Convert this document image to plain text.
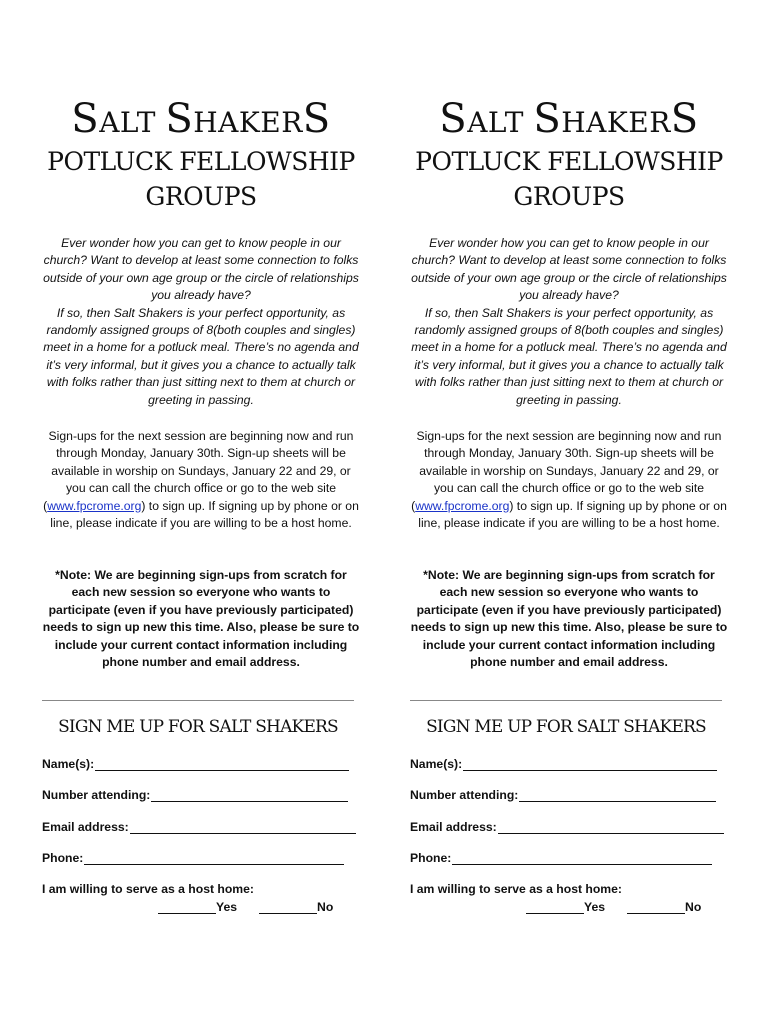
SALT SHAKERS
POTLUCK FELLOWSHIP
GROUPS

Ever wonder how you can get to know people in our church? Want to develop at least some connection to folks outside of your own age group or the circle of relationships you already have?
If so, then Salt Shakers is your perfect opportunity, as randomly assigned groups of 8(both couples and singles) meet in a home for a potluck meal. There’s no agenda and it’s very informal, but it gives you a chance to actually talk with folks rather than just sitting next to them at church or greeting in passing.

Sign-ups for the next session are beginning now and run through Monday, January 30th. Sign-up sheets will be available in worship on Sundays, January 22 and 29, or you can call the church office or go to the web site (www.fpcrome.org) to sign up. If signing up by phone or on line, please indicate if you are willing to be a host home.

*Note: We are beginning sign-ups from scratch for each new session so everyone who wants to participate (even if you have previously participated) needs to sign up new this time. Also, please be sure to include your current contact information including phone number and email address.

SIGN ME UP FOR SALT SHAKERS
Name(s):
Number attending:
Email address:
Phone:
I am willing to serve as a host home:
Yes	No
SALT SHAKERS
POTLUCK FELLOWSHIP
GROUPS

Ever wonder how you can get to know people in our church? Want to develop at least some connection to folks outside of your own age group or the circle of relationships you already have?
If so, then Salt Shakers is your perfect opportunity, as randomly assigned groups of 8(both couples and singles) meet in a home for a potluck meal. There’s no agenda and it’s very informal, but it gives you a chance to actually talk with folks rather than just sitting next to them at church or greeting in passing.

Sign-ups for the next session are beginning now and run through Monday, January 30th. Sign-up sheets will be available in worship on Sundays, January 22 and 29, or you can call the church office or go to the web site (www.fpcrome.org) to sign up. If signing up by phone or on line, please indicate if you are willing to be a host home.

*Note: We are beginning sign-ups from scratch for each new session so everyone who wants to participate (even if you have previously participated) needs to sign up new this time. Also, please be sure to include your current contact information including phone number and email address.

SIGN ME UP FOR SALT SHAKERS
Name(s):
Number attending:
Email address:
Phone:
I am willing to serve as a host home:
Yes	No
